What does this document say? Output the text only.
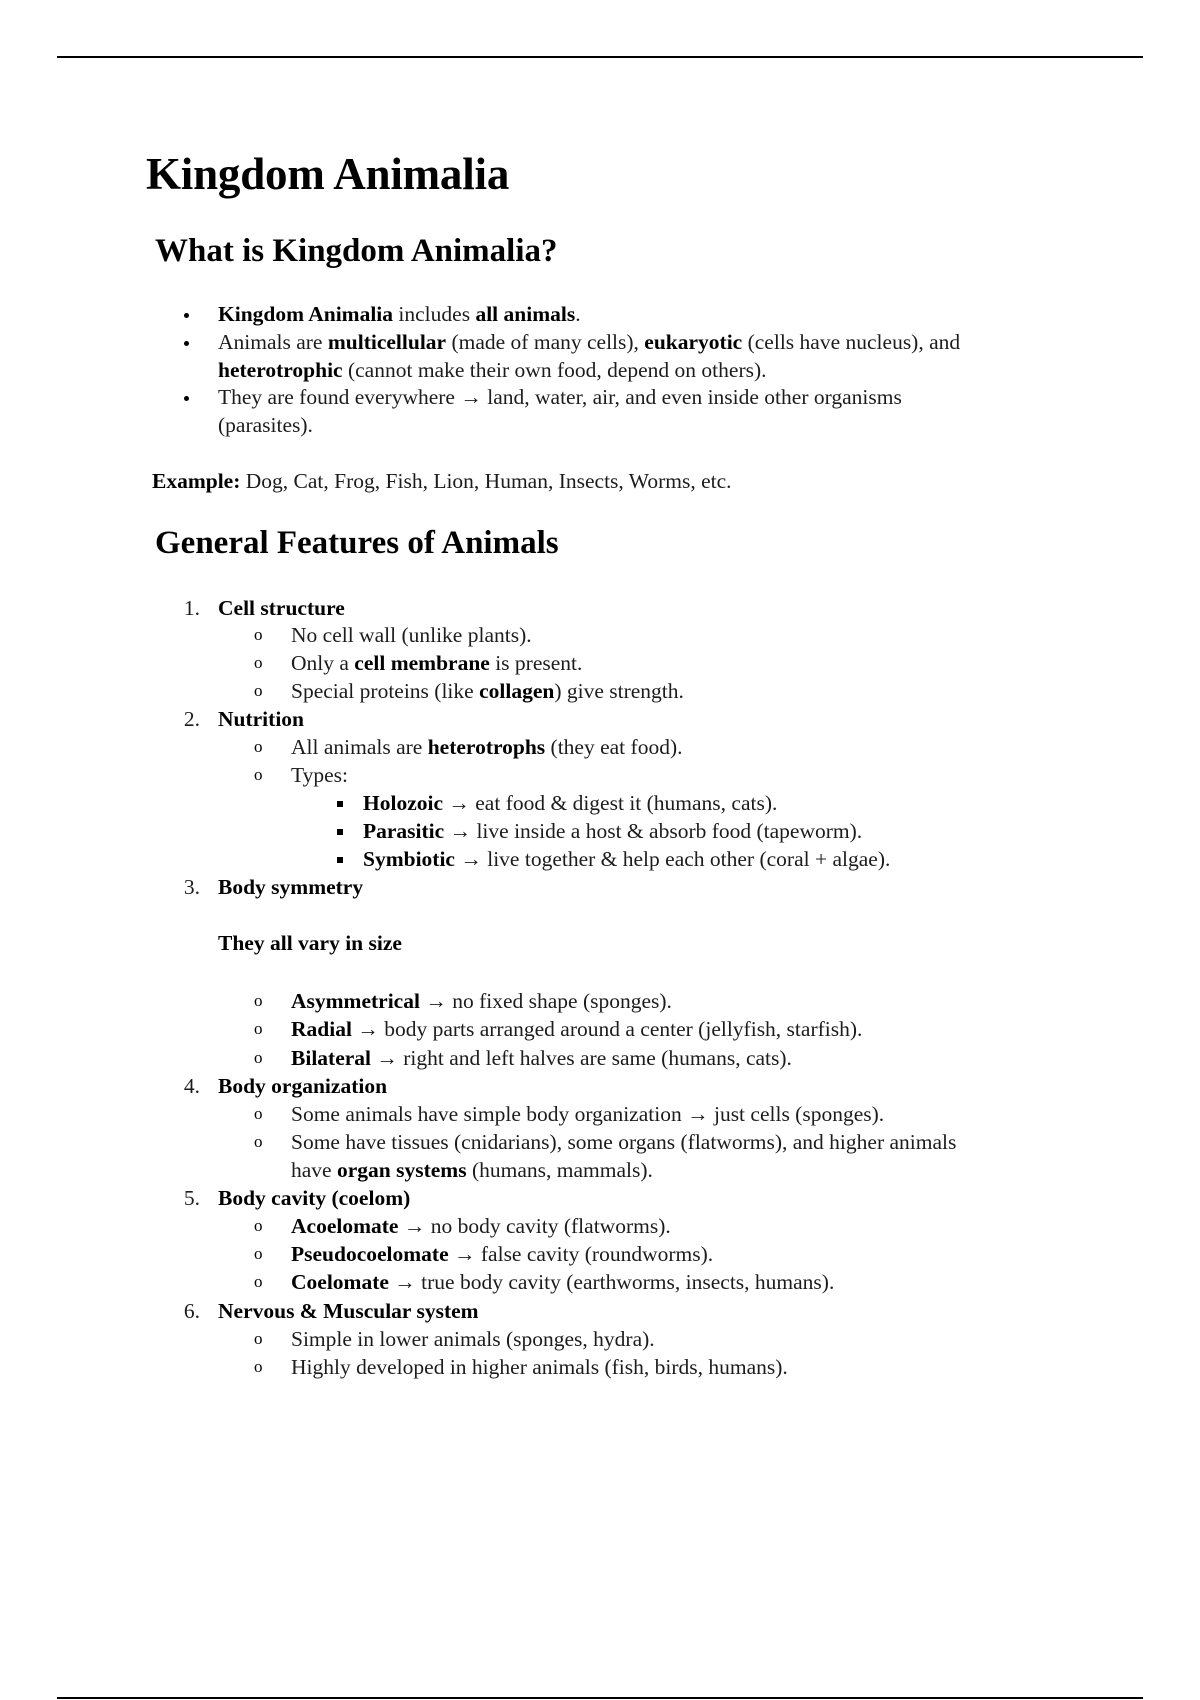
Kingdom Animalia
What is Kingdom Animalia?
General Features of Animals
Kingdom Animalia includes all animals.
Animals are multicellular (made of many cells), eukaryotic (cells have nucleus), and
heterotrophic (cannot make their own food, depend on others).
They are found everywhere → land, water, air, and even inside other organisms
(parasites).
Example: Dog, Cat, Frog, Fish, Lion, Human, Insects, Worms, etc.
1. Cell structure
o No cell wall (unlike plants).
o Only a cell membrane is present.
o Special proteins (like collagen) give strength.
2. Nutrition
o All animals are heterotrophs (they eat food).
o Types:
Holozoic → eat food & digest it (humans, cats).
Parasitic → live inside a host & absorb food (tapeworm).
Symbiotic → live together & help each other (coral + algae).
3. Body symmetry
They all vary in size
o Asymmetrical → no fixed shape (sponges).
o Radial → body parts arranged around a center (jellyfish, starfish).
o Bilateral → right and left halves are same (humans, cats).
4. Body organization
o Some animals have simple body organization → just cells (sponges).
o Some have tissues (cnidarians), some organs (flatworms), and higher animals
have organ systems (humans, mammals).
5. Body cavity (coelom)
o Acoelomate → no body cavity (flatworms).
o Pseudocoelomate → false cavity (roundworms).
o Coelomate → true body cavity (earthworms, insects, humans).
6. Nervous & Muscular system
o Simple in lower animals (sponges, hydra).
o Highly developed in higher animals (fish, birds, humans).
